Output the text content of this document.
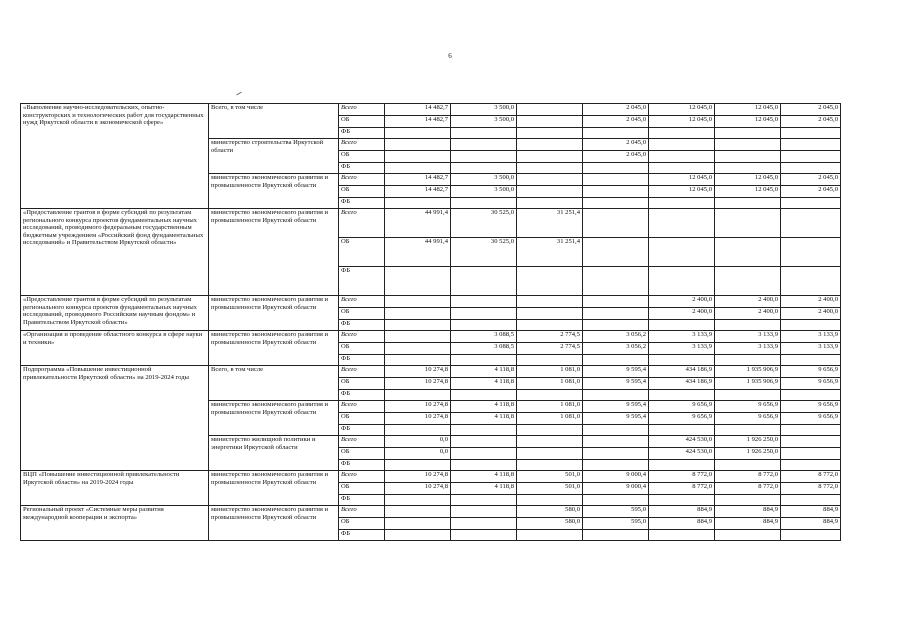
6
«Выполнение научно-исследовательских, опытно-конструкторских и технологических работ для государственных нужд Иркутской области в экономической сфере»	Всего, в том числе	Всего	14 482,7	3 500,0		2 045,0	12 045,0	12 045,0	2 045,0
		ОБ	14 482,7	3 500,0		2 045,0	12 045,0	12 045,0	2 045,0
		ФБ							
	министерство строительства Иркутской области	Всего				2 045,0			
		ОБ				2 045,0			
		ФБ							
	министерство экономического развития и промышленности Иркутской области	Всего	14 482,7	3 500,0			12 045,0	12 045,0	2 045,0
		ОБ	14 482,7	3 500,0			12 045,0	12 045,0	2 045,0
		ФБ							
«Предоставление грантов в форме субсидий по результатам регионального конкурса проектов фундаментальных научных исследований, проводимого федеральным государственным бюджетным учреждением «Российский фонд фундаментальных исследований» и Правительством Иркутской области»	министерство экономического развития и промышленности Иркутской области	Всего	44 991,4	30 525,0	31 251,4				
		ОБ	44 991,4	30 525,0	31 251,4				
		ФБ							
«Предоставление грантов в форме субсидий по результатам регионального конкурса проектов фундаментальных научных исследований, проводимого Российским научным фондом» и Правительством Иркутской области»	министерство экономического развития и промышленности Иркутской области	Всего					2 400,0	2 400,0	2 400,0
		ОБ					2 400,0	2 400,0	2 400,0
		ФБ							
«Организация и проведение областного конкурса в сфере науки и техники»	министерство экономического развития и промышленности Иркутской области	Всего		3 088,5	2 774,5	3 056,2	3 133,9	3 133,9	3 133,9
		ОБ		3 088,5	2 774,5	3 056,2	3 133,9	3 133,9	3 133,9
		ФБ							
Подпрограмма «Повышение инвестиционной привлекательности Иркутской области» на 2019-2024 годы	Всего, в том числе	Всего	10 274,8	4 118,8	1 081,0	9 595,4	434 186,9	1 935 906,9	9 656,9
		ОБ	10 274,8	4 118,8	1 081,0	9 595,4	434 186,9	1 935 906,9	9 656,9
		ФБ							
	министерство экономического развития и промышленности Иркутской области	Всего	10 274,8	4 118,8	1 081,0	9 595,4	9 656,9	9 656,9	9 656,9
		ОБ	10 274,8	4 118,8	1 081,0	9 595,4	9 656,9	9 656,9	9 656,9
		ФБ							
	министерство жилищной политики и энергетики Иркутской области	Всего	0,0				424 530,0	1 926 250,0	
		ОБ	0,0				424 530,0	1 926 250,0	
		ФБ							
ВЦП «Повышение инвестиционной привлекательности Иркутской области» на 2019-2024 годы	министерство экономического развития и промышленности Иркутской области	Всего	10 274,8	4 118,8	501,0	9 000,4	8 772,0	8 772,0	8 772,0
		ОБ	10 274,8	4 118,8	501,0	9 000,4	8 772,0	8 772,0	8 772,0
		ФБ							
Региональный проект «Системные меры развития международной кооперации и экспорта»	министерство экономического развития и промышленности Иркутской области	Всего			580,0	595,0	884,9	884,9	884,9
		ОБ			580,0	595,0	884,9	884,9	884,9
		ФБ							
